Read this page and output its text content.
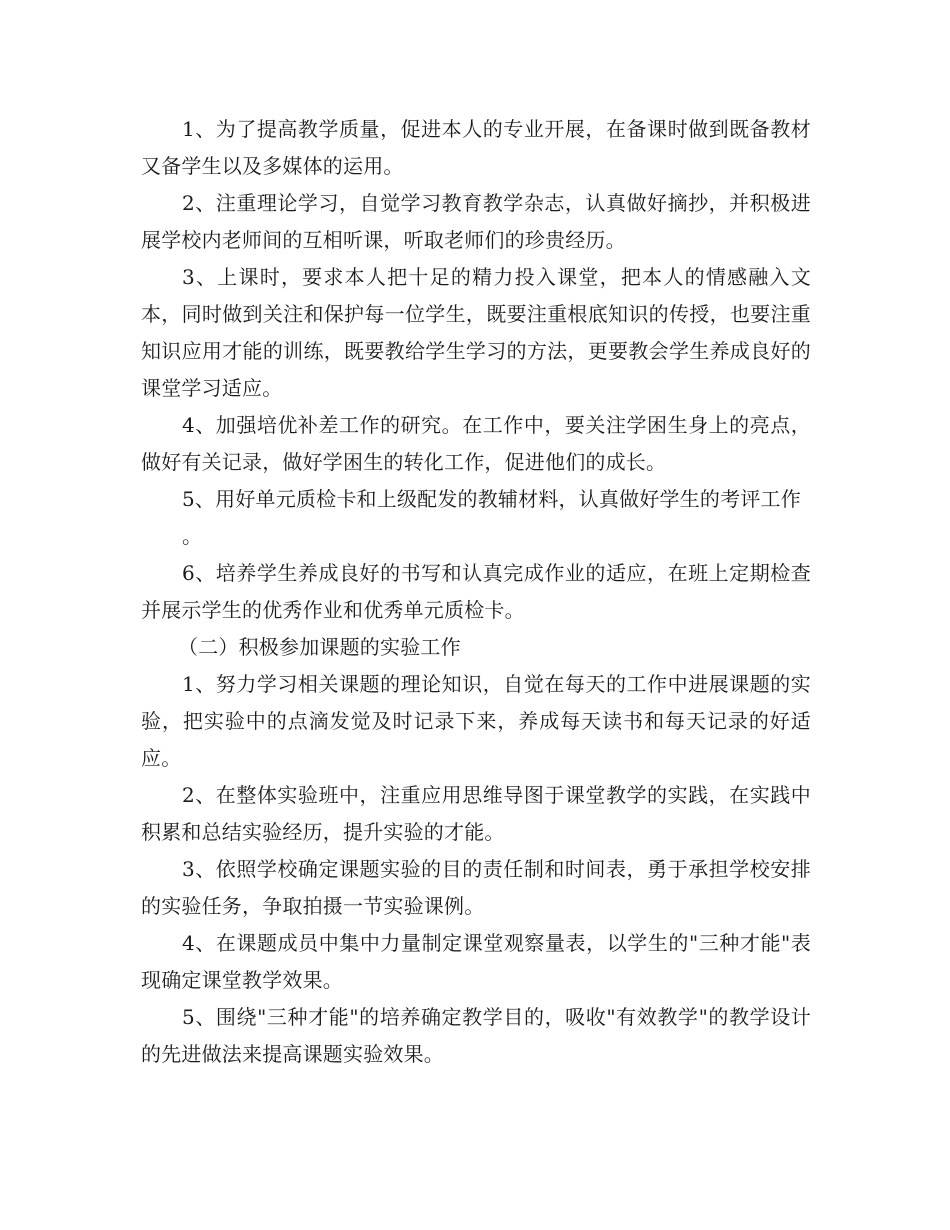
1、为了提高教学质量，促进本人的专业开展，在备课时做到既备教材又备学生以及多媒体的运用。

2、注重理论学习，自觉学习教育教学杂志，认真做好摘抄，并积极进展学校内老师间的互相听课，听取老师们的珍贵经历。

3、上课时，要求本人把十足的精力投入课堂，把本人的情感融入文本，同时做到关注和保护每一位学生，既要注重根底知识的传授，也要注重知识应用才能的训练，既要教给学生学习的方法，更要教会学生养成良好的课堂学习适应。

4、加强培优补差工作的研究。在工作中，要关注学困生身上的亮点，做好有关记录，做好学困生的转化工作，促进他们的成长。

5、用好单元质检卡和上级配发的教辅材料，认真做好学生的考评工作

。

6、培养学生养成良好的书写和认真完成作业的适应，在班上定期检查并展示学生的优秀作业和优秀单元质检卡。

（二）积极参加课题的实验工作

1、努力学习相关课题的理论知识，自觉在每天的工作中进展课题的实验，把实验中的点滴发觉及时记录下来，养成每天读书和每天记录的好适应。

2、在整体实验班中，注重应用思维导图于课堂教学的实践，在实践中积累和总结实验经历，提升实验的才能。

3、依照学校确定课题实验的目的责任制和时间表，勇于承担学校安排的实验任务，争取拍摄一节实验课例。

4、在课题成员中集中力量制定课堂观察量表，以学生的"三种才能"表现确定课堂教学效果。

5、围绕"三种才能"的培养确定教学目的，吸收"有效教学"的教学设计的先进做法来提高课题实验效果。
